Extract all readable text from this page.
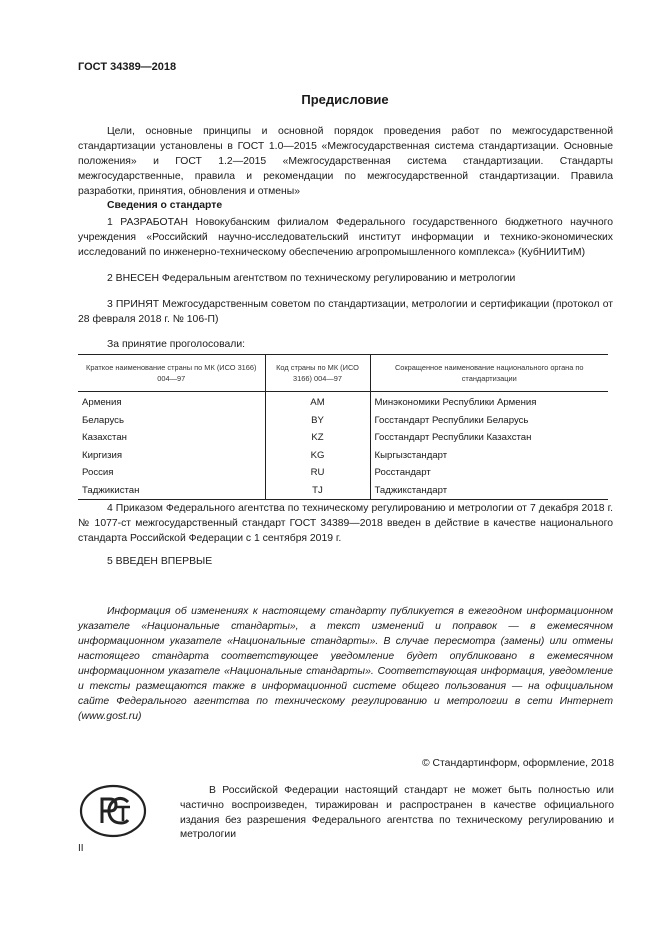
ГОСТ 34389—2018
Предисловие
Цели, основные принципы и основной порядок проведения работ по межгосударственной стандартизации установлены в ГОСТ 1.0—2015 «Межгосударственная система стандартизации. Основные положения» и ГОСТ 1.2—2015 «Межгосударственная система стандартизации. Стандарты межгосударственные, правила и рекомендации по межгосударственной стандартизации. Правила разработки, принятия, обновления и отмены»
Сведения о стандарте
1 РАЗРАБОТАН Новокубанским филиалом Федерального государственного бюджетного научного учреждения «Российский научно-исследовательский институт информации и технико-экономических исследований по инженерно-техническому обеспечению агропромышленного комплекса» (КубНИИТиМ)
2 ВНЕСЕН Федеральным агентством по техническому регулированию и метрологии
3 ПРИНЯТ Межгосударственным советом по стандартизации, метрологии и сертификации (протокол от 28 февраля 2018 г. № 106-П)
За принятие проголосовали:
Краткое наименование страны по МК (ИСО 3166) 004—97	Код страны по МК (ИСО 3166) 004—97	Сокращенное наименование национального органа по стандартизации
Армения	AM	Минэкономики Республики Армения
Беларусь	BY	Госстандарт Республики Беларусь
Казахстан	KZ	Госстандарт Республики Казахстан
Киргизия	KG	Кыргызстандарт
Россия	RU	Росстандарт
Таджикистан	TJ	Таджикстандарт
4 Приказом Федерального агентства по техническому регулированию и метрологии от 7 декабря 2018 г. № 1077-ст межгосударственный стандарт ГОСТ 34389—2018 введен в действие в качестве национального стандарта Российской Федерации с 1 сентября 2019 г.
5 ВВЕДЕН ВПЕРВЫЕ
Информация об изменениях к настоящему стандарту публикуется в ежегодном информационном указателе «Национальные стандарты», а текст изменений и поправок — в ежемесячном информационном указателе «Национальные стандарты». В случае пересмотра (замены) или отмены настоящего стандарта соответствующее уведомление будет опубликовано в ежемесячном информационном указателе «Национальные стандарты». Соответствующая информация, уведомление и тексты размещаются также в информационной системе общего пользования — на официальном сайте Федерального агентства по техническому регулированию и метрологии в сети Интернет (www.gost.ru)
© Стандартинформ, оформление, 2018
В Российской Федерации настоящий стандарт не может быть полностью или частично воспроизведен, тиражирован и распространен в качестве официального издания без разрешения Федерального агентства по техническому регулированию и метрологии
II
